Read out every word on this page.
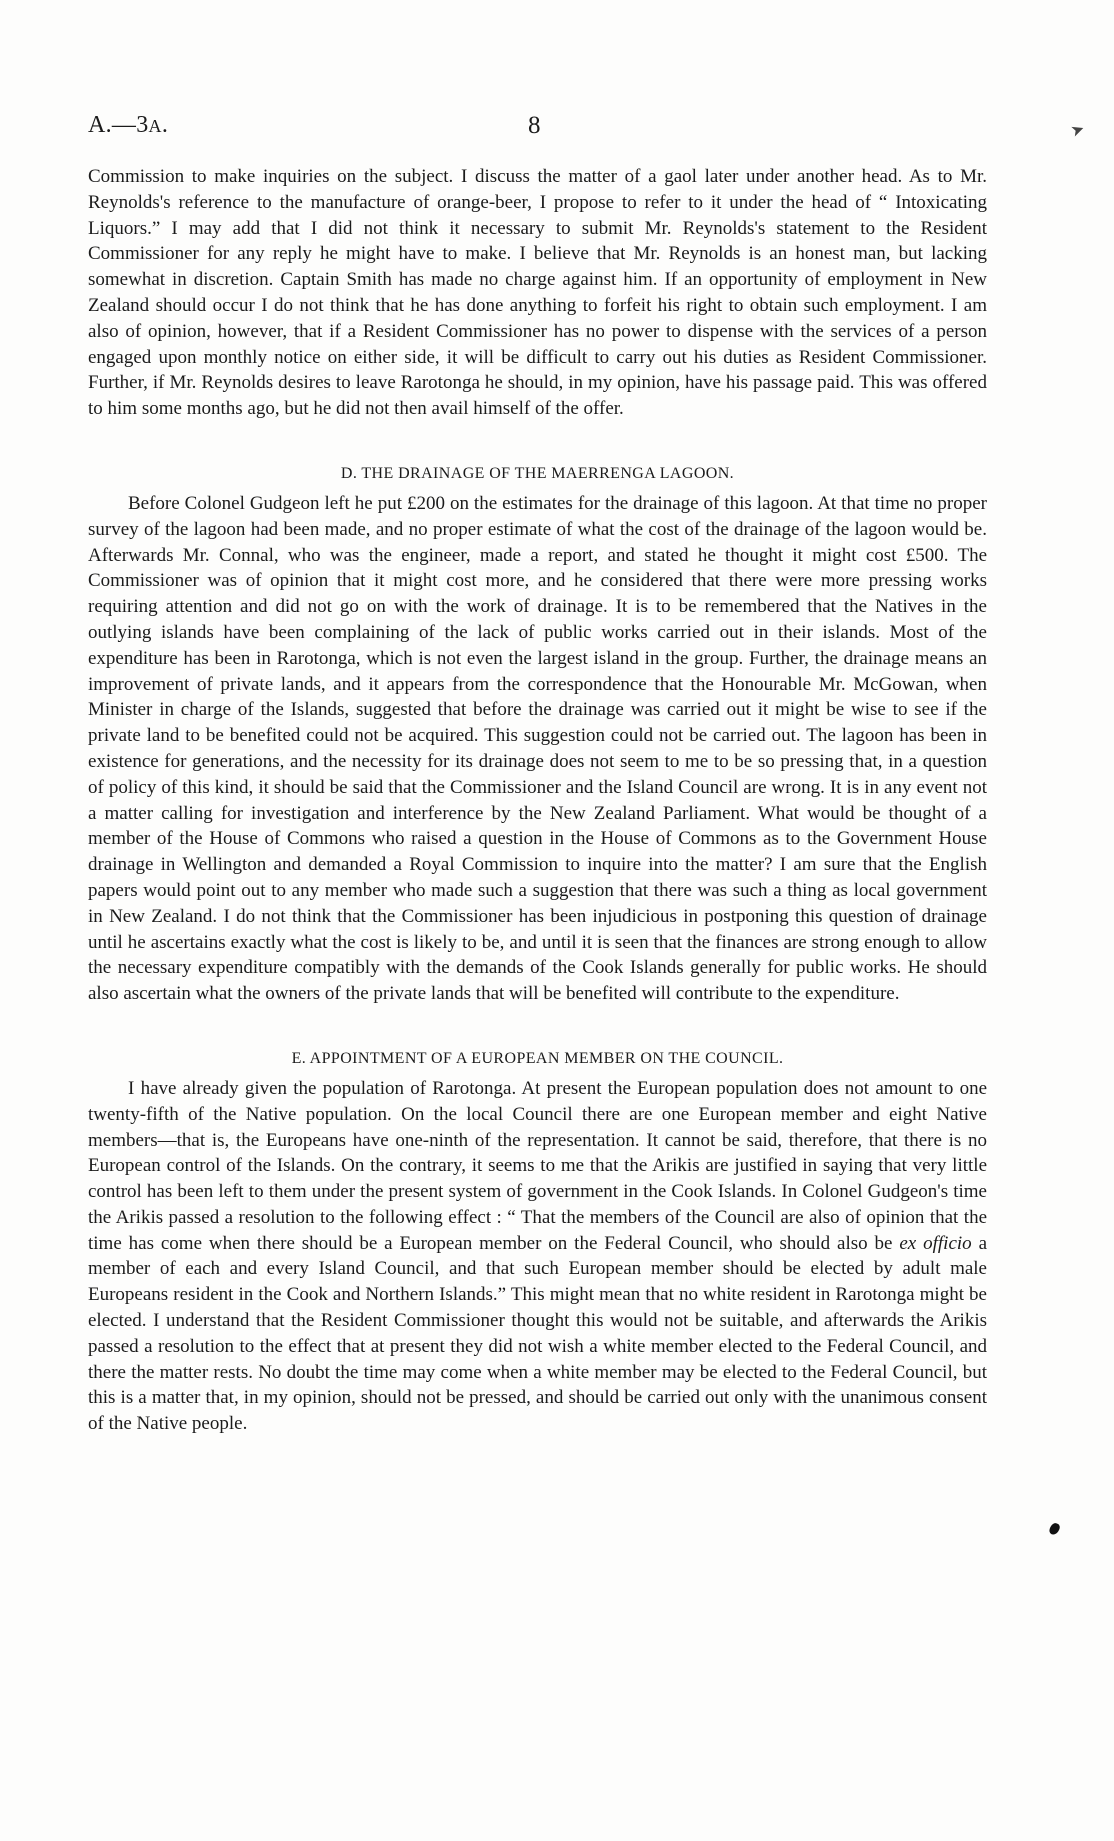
A.—3A.	8	➤

Commission to make inquiries on the subject. I discuss the matter of a gaol later under another head. As to Mr. Reynolds's reference to the manufacture of orange-beer, I propose to refer to it under the head of “ Intoxicating Liquors.” I may add that I did not think it necessary to submit Mr. Reynolds's statement to the Resident Commissioner for any reply he might have to make. I believe that Mr. Reynolds is an honest man, but lacking somewhat in discretion. Captain Smith has made no charge against him. If an opportunity of employment in New Zealand should occur I do not think that he has done anything to forfeit his right to obtain such employment. I am also of opinion, however, that if a Resident Commissioner has no power to dispense with the services of a person engaged upon monthly notice on either side, it will be difficult to carry out his duties as Resident Commissioner. Further, if Mr. Reynolds desires to leave Rarotonga he should, in my opinion, have his passage paid. This was offered to him some months ago, but he did not then avail himself of the offer.

D. THE DRAINAGE OF THE MAERRENGA LAGOON.

Before Colonel Gudgeon left he put £200 on the estimates for the drainage of this lagoon. At that time no proper survey of the lagoon had been made, and no proper estimate of what the cost of the drainage of the lagoon would be. Afterwards Mr. Connal, who was the engineer, made a report, and stated he thought it might cost £500. The Commissioner was of opinion that it might cost more, and he considered that there were more pressing works requiring attention and did not go on with the work of drainage. It is to be remembered that the Natives in the outlying islands have been complaining of the lack of public works carried out in their islands. Most of the expenditure has been in Rarotonga, which is not even the largest island in the group. Further, the drainage means an improvement of private lands, and it appears from the correspondence that the Honourable Mr. McGowan, when Minister in charge of the Islands, suggested that before the drainage was carried out it might be wise to see if the private land to be benefited could not be acquired. This suggestion could not be carried out. The lagoon has been in existence for generations, and the necessity for its drainage does not seem to me to be so pressing that, in a question of policy of this kind, it should be said that the Commissioner and the Island Council are wrong. It is in any event not a matter calling for investigation and interference by the New Zealand Parliament. What would be thought of a member of the House of Commons who raised a question in the House of Commons as to the Government House drainage in Wellington and demanded a Royal Commission to inquire into the matter? I am sure that the English papers would point out to any member who made such a suggestion that there was such a thing as local government in New Zealand. I do not think that the Commissioner has been injudicious in postponing this question of drainage until he ascertains exactly what the cost is likely to be, and until it is seen that the finances are strong enough to allow the necessary expenditure compatibly with the demands of the Cook Islands generally for public works. He should also ascertain what the owners of the private lands that will be benefited will contribute to the expenditure.

E. APPOINTMENT OF A EUROPEAN MEMBER ON THE COUNCIL.

I have already given the population of Rarotonga. At present the European population does not amount to one twenty-fifth of the Native population. On the local Council there are one European member and eight Native members—that is, the Europeans have one-ninth of the representation. It cannot be said, therefore, that there is no European control of the Islands. On the contrary, it seems to me that the Arikis are justified in saying that very little control has been left to them under the present system of government in the Cook Islands. In Colonel Gudgeon's time the Arikis passed a resolution to the following effect : “ That the members of the Council are also of opinion that the time has come when there should be a European member on the Federal Council, who should also be ex officio a member of each and every Island Council, and that such European member should be elected by adult male Europeans resident in the Cook and Northern Islands.” This might mean that no white resident in Rarotonga might be elected. I understand that the Resident Commissioner thought this would not be suitable, and afterwards the Arikis passed a resolution to the effect that at present they did not wish a white member elected to the Federal Council, and there the matter rests. No doubt the time may come when a white member may be elected to the Federal Council, but this is a matter that, in my opinion, should not be pressed, and should be carried out only with the unanimous consent of the Native people.
